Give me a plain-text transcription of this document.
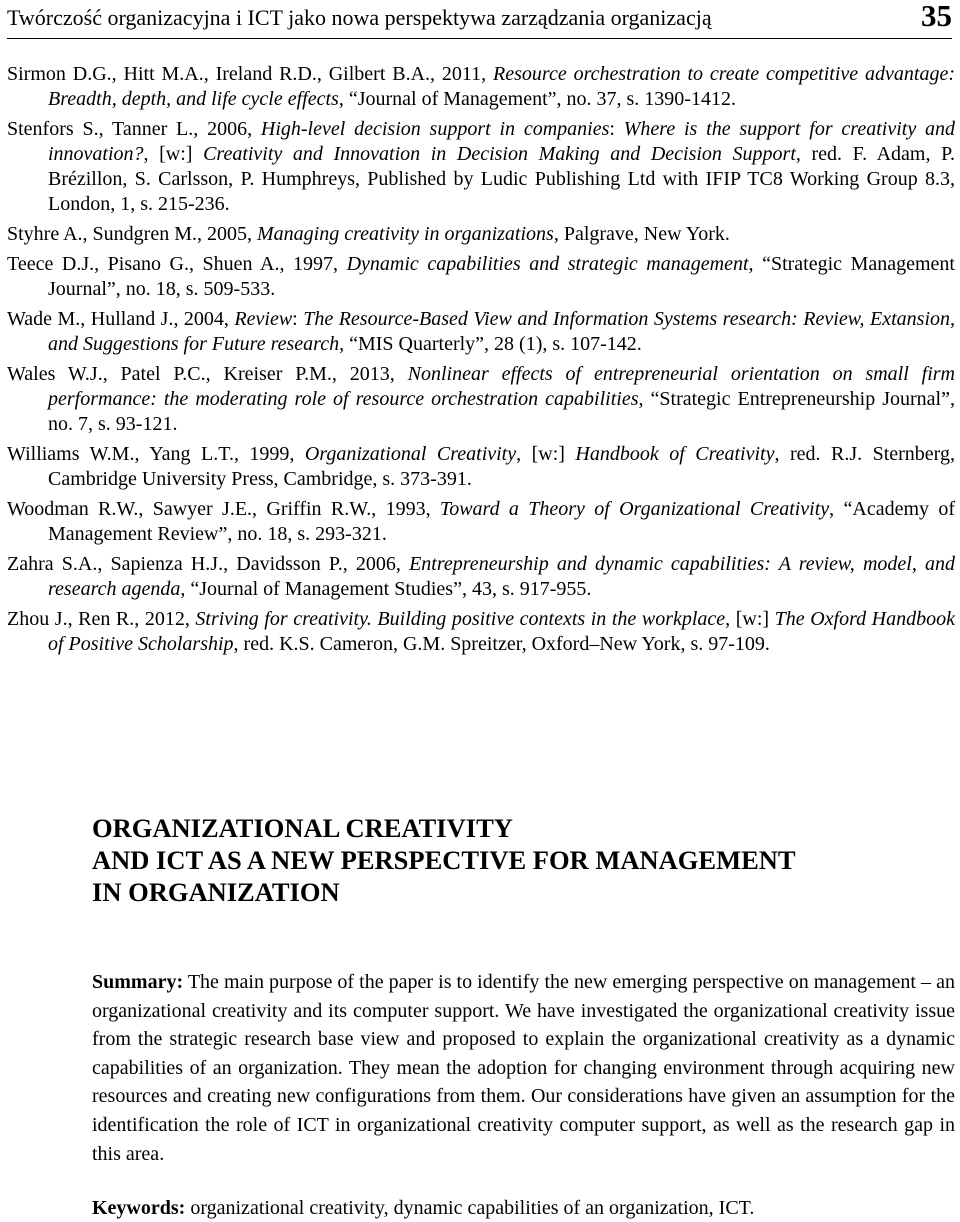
Twórczość organizacyjna i ICT jako nowa perspektywa zarządzania organizacją	35

Sirmon D.G., Hitt M.A., Ireland R.D., Gilbert B.A., 2011, Resource orchestration to create competitive advantage: Breadth, depth, and life cycle effects, “Journal of Management”, no. 37, s. 1390-1412.

Stenfors S., Tanner L., 2006, High-level decision support in companies: Where is the support for creativity and innovation?, [w:] Creativity and Innovation in Decision Making and Decision Support, red. F. Adam, P. Brézillon, S. Carlsson, P. Humphreys, Published by Ludic Publishing Ltd with IFIP TC8 Working Group 8.3, London, 1, s. 215-236.

Styhre A., Sundgren M., 2005, Managing creativity in organizations, Palgrave, New York.

Teece D.J., Pisano G., Shuen A., 1997, Dynamic capabilities and strategic management, “Strategic Management Journal”, no. 18, s. 509-533.

Wade M., Hulland J., 2004, Review: The Resource-Based View and Information Systems research: Review, Extansion, and Suggestions for Future research, “MIS Quarterly”, 28 (1), s. 107-142.

Wales W.J., Patel P.C., Kreiser P.M., 2013, Nonlinear effects of entrepreneurial orientation on small firm performance: the moderating role of resource orchestration capabilities, “Strategic Entrepreneurship Journal”, no. 7, s. 93-121.

Williams W.M., Yang L.T., 1999, Organizational Creativity, [w:] Handbook of Creativity, red. R.J. Sternberg, Cambridge University Press, Cambridge, s. 373-391.

Woodman R.W., Sawyer J.E., Griffin R.W., 1993, Toward a Theory of Organizational Creativity, “Academy of Management Review”, no. 18, s. 293-321.

Zahra S.A., Sapienza H.J., Davidsson P., 2006, Entrepreneurship and dynamic capabilities: A review, model, and research agenda, “Journal of Management Studies”, 43, s. 917-955.

Zhou J., Ren R., 2012, Striving for creativity. Building positive contexts in the workplace, [w:] The Oxford Handbook of Positive Scholarship, red. K.S. Cameron, G.M. Spreitzer, Oxford–New York, s. 97-109.

ORGANIZATIONAL CREATIVITY
AND ICT AS A NEW PERSPECTIVE FOR MANAGEMENT
IN ORGANIZATION

Summary: The main purpose of the paper is to identify the new emerging perspective on management – an organizational creativity and its computer support. We have investigated the organizational creativity issue from the strategic research base view and proposed to explain the organizational creativity as a dynamic capabilities of an organization. They mean the adoption for changing environment through acquiring new resources and creating new configurations from them. Our considerations have given an assumption for the identification the role of ICT in organizational creativity computer support, as well as the research gap in this area.

Keywords: organizational creativity, dynamic capabilities of an organization, ICT.
